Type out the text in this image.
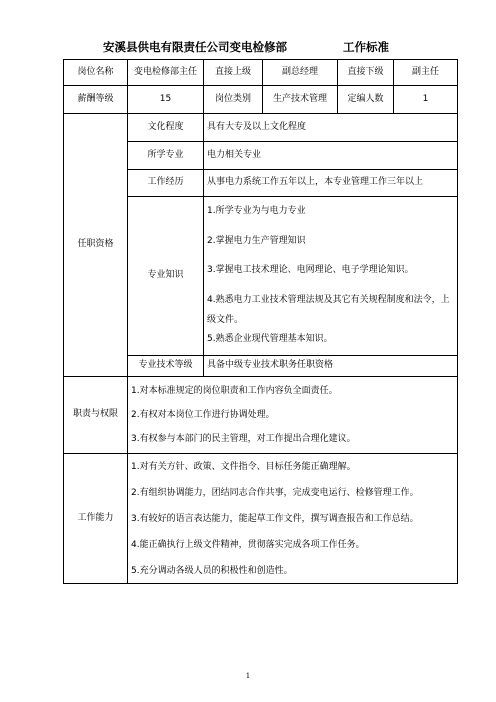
安溪县供电有限责任公司变电检修部	工作标准
岗位名称	变电检修部主任	直接上级	副总经理	直接下级	副主任
薪酬等级	15	岗位类别	生产技术管理	定编人数	1
任职资格	文化程度	具有大专及以上文化程度			
	所学专业	电力相关专业			
	工作经历	从事电力系统工作五年以上，本专业管理工作三年以上			
	专业知识	1.所学专业为与电力专业

2.掌握电力生产管理知识

3.掌握电工技术理论、电网理论、电子学理论知识。

4.熟悉电力工业技术管理法规及其它有关规程制度和法令，上级文件。

5.熟悉企业现代管理基本知识。			

	专业技术等级	具备中级专业技术职务任职资格			
职责与权限	1.对本标准规定的岗位职责和工作内容负全面责任。

2.有权对本岗位工作进行协调处理。

3.有权参与本部门的民主管理，对工作提出合理化建议。				

工作能力	1.对有关方针、政策、文件指令、目标任务能正确理解。

2.有组织协调能力，团结同志合作共事，完成变电运行、检修管理工作。

3.有较好的语言表达能力，能起草工作文件，撰写调查报告和工作总结。

4.能正确执行上级文件精神，贯彻落实完成各项工作任务。

5.充分调动各级人员的积极性和创造性。				

1
